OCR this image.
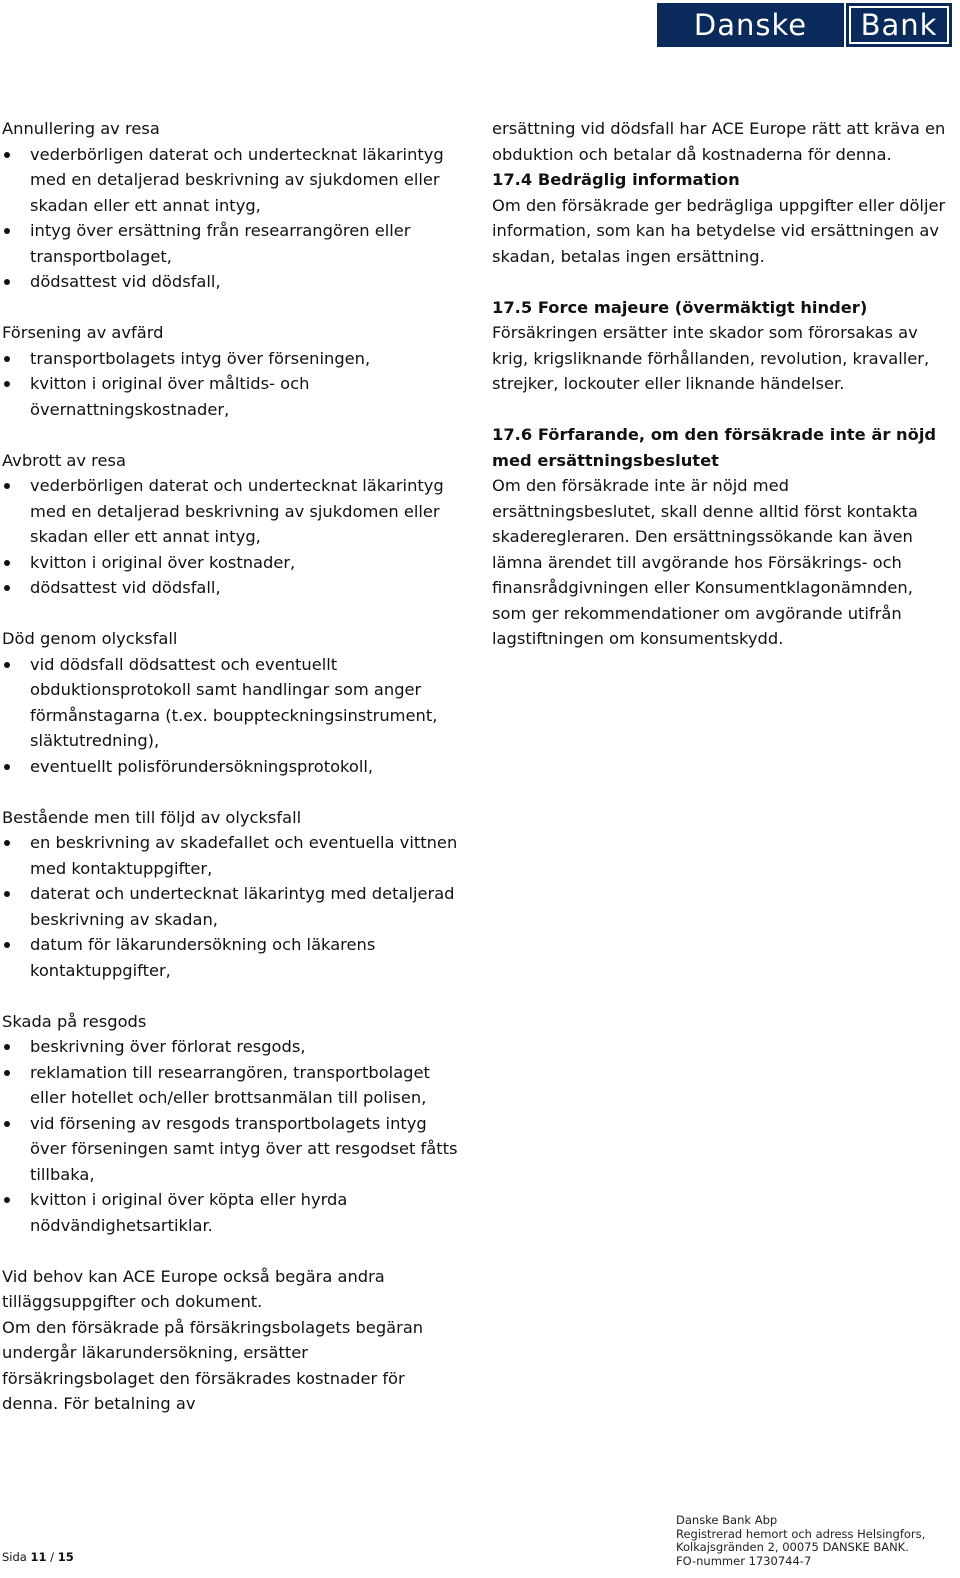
Danske	Bank

Annullering av resa

vederbörligen daterat och undertecknat läkarintyg med en detaljerad beskrivning av sjukdomen eller skadan eller ett annat intyg,
intyg över ersättning från researrangören eller transportbolaget,
dödsattest vid dödsfall,

Försening av avfärd

transportbolagets intyg över förseningen,
kvitton i original över måltids- och övernattningskostnader,

Avbrott av resa

vederbörligen daterat och undertecknat läkarintyg med en detaljerad beskrivning av sjukdomen eller skadan eller ett annat intyg,
kvitton i original över kostnader,
dödsattest vid dödsfall,

Död genom olycksfall

vid dödsfall dödsattest och eventuellt obduktionsprotokoll samt handlingar som anger förmånstagarna (t.ex. bouppteckningsinstrument, släktutredning),
eventuellt polisförundersökningsprotokoll,

Bestående men till följd av olycksfall

en beskrivning av skadefallet och eventuella vittnen med kontaktuppgifter,
daterat och undertecknat läkarintyg med detaljerad beskrivning av skadan,
datum för läkarundersökning och läkarens kontaktuppgifter,

Skada på resgods

beskrivning över förlorat resgods,
reklamation till researrangören, transportbolaget eller hotellet och/eller brottsanmälan till polisen,
vid försening av resgods transportbolagets intyg över förseningen samt intyg över att resgodset fåtts tillbaka,
kvitton i original över köpta eller hyrda nödvändighetsartiklar.

Vid behov kan ACE Europe också begära andra tilläggsuppgifter och dokument.

Om den försäkrade på försäkringsbolagets begäran undergår läkarundersökning, ersätter försäkringsbolaget den försäkrades kostnader för denna. För betalning av

ersättning vid dödsfall har ACE Europe rätt att kräva en obduktion och betalar då kostnaderna för denna.

17.4 Bedräglig information

Om den försäkrade ger bedrägliga uppgifter eller döljer information, som kan ha betydelse vid ersättningen av skadan, betalas ingen ersättning.

17.5 Force majeure (övermäktigt hinder)

Försäkringen ersätter inte skador som förorsakas av krig, krigsliknande förhållanden, revolution, kravaller, strejker, lockouter eller liknande händelser.

17.6 Förfarande, om den försäkrade inte är nöjd med ersättningsbeslutet

Om den försäkrade inte är nöjd med ersättningsbeslutet, skall denne alltid först kontakta skaderegleraren. Den ersättningssökande kan även lämna ärendet till avgörande hos Försäkrings- och finansrådgivningen eller Konsumentklagonämnden, som ger rekommendationer om avgörande utifrån lagstiftningen om konsumentskydd.

Sida 11 / 15
Danske Bank Abp
Registrerad hemort och adress Helsingfors,
Kolkajsgränden 2, 00075 DANSKE BANK.
FO-nummer 1730744-7
